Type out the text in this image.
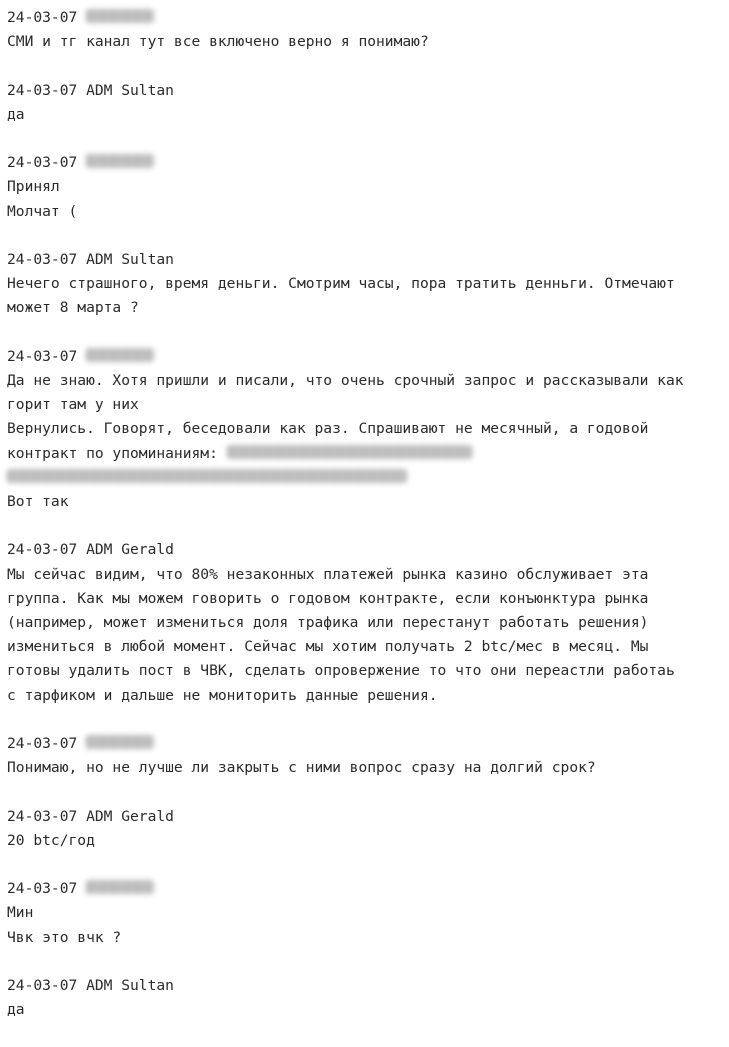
24-03-07
СМИ и тг канал тут все включено верно я понимаю?
24-03-07 ADM Sultan
да
24-03-07
Принял
Молчат (
24-03-07 ADM Sultan
Нечего страшного, время деньги. Смотрим часы, пора тратить денньги. Отмечают
может 8 марта ?
24-03-07
Да не знаю. Хотя пришли и писали, что очень срочный запрос и рассказывали как
горит там у них
Вернулись. Говорят, беседовали как раз. Спрашивают не месячный, а годовой
контракт по упоминаниям:
Вот так
24-03-07 ADM Gerald
Мы сейчас видим, что 80% незаконных платежей рынка казино обслуживает эта
группа. Как мы можем говорить о годовом контракте, если конъюнктура рынка
(например, может измениться доля трафика или перестанут работать решения)
измениться в любой момент. Сейчас мы хотим получать 2 btc/мес в месяц. Мы
готовы удалить пост в ЧВК, сделать опровержение то что они переастли работаь
с тарфиком и дальше не мониторить данные решения.
24-03-07
Понимаю, но не лучше ли закрыть с ними вопрос сразу на долгий срок?
24-03-07 ADM Gerald
20 btc/год
24-03-07
Мин
Чвк это вчк ?
24-03-07 ADM Sultan
да
